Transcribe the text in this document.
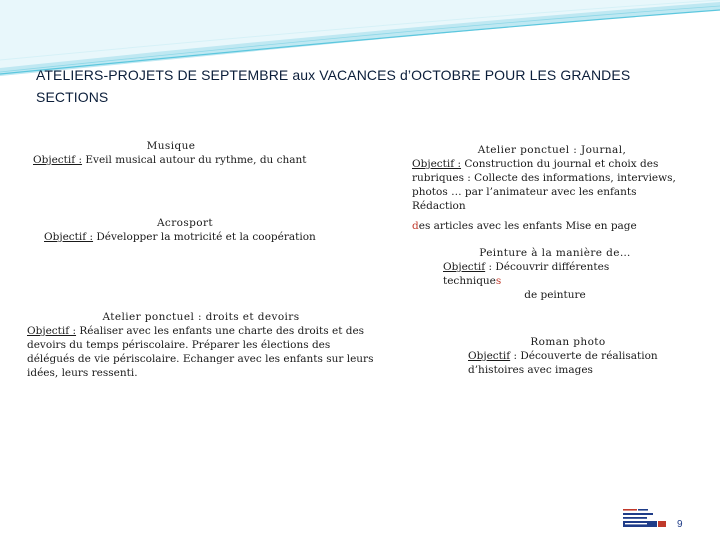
ATELIERS-PROJETS DE SEPTEMBRE aux VACANCES d’OCTOBRE POUR LES GRANDES SECTIONS
Musique

Objectif : Eveil musical autour du rythme, du chant

Acrosport

Objectif : Développer la motricité et la coopération

Atelier ponctuel : droits et devoirs

Objectif : Réaliser avec les enfants une charte des droits et des devoirs du temps périscolaire. Préparer les élections des délégués de vie périscolaire. Echanger avec les enfants sur leurs idées, leurs ressenti.

Atelier ponctuel : Journal,

Objectif : Construction du journal et choix des rubriques : Collecte des informations, interviews, photos … par l’animateur avec les enfants Rédaction

des articles avec les enfants Mise en page

Peinture à la manière de…

Objectif : Découvrir différentes techniques

de peinture

Roman photo

Objectif : Découverte de réalisation d’histoires avec images

9
